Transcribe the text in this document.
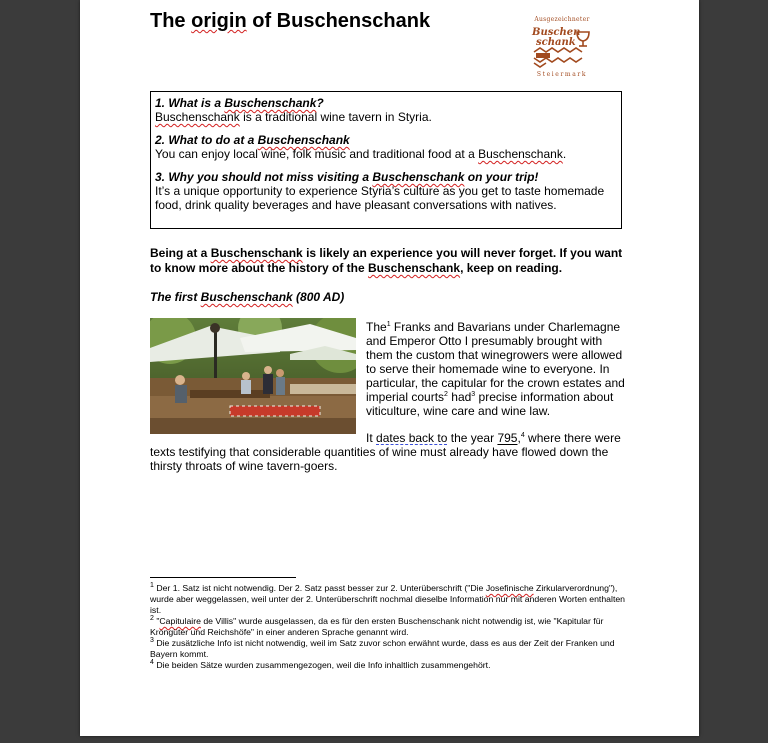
The origin of Buschenschank	Ausgezeichneter
Buschen
schank
Steiermark
1. What is a Buschenschank?
Buschenschank is a traditional wine tavern in Styria.
2. What to do at a Buschenschank
You can enjoy local wine, folk music and traditional food at a Buschenschank.
3. Why you should not miss visiting a Buschenschank on your trip!
It’s a unique opportunity to experience Styria’s culture as you get to taste homemade food, drink quality beverages and have pleasant conversations with natives.
Being at a Buschenschank is likely an experience you will never forget. If you want to know more about the history of the Buschenschank, keep on reading.
The first Buschenschank (800 AD)
The$^1$ Franks and Bavarians under Charlemagne and Emperor Otto I presumably brought with them the custom that winegrowers were allowed to serve their homemade wine to everyone. In particular, the capitular for the crown estates and imperial courts$^2$ had$^3$ precise information about viticulture, wine care and wine law.
It dates back to the year 795,$^4$ where there were texts testifying that considerable quantities of wine must already have flowed down the thirsty throats of wine tavern-goers.
$^1$ Der 1. Satz ist nicht notwendig. Der 2. Satz passt besser zur 2. Unterüberschrift ("Die Josefinische Zirkularverordnung"), wurde aber weggelassen, weil unter der 2. Unterüberschrift nochmal dieselbe Information nur mit anderen Worten enthalten ist.
$^2$ "Capitulaire de Villis" wurde ausgelassen, da es für den ersten Buschenschank nicht notwendig ist, wie "Kapitular für Krongüter und Reichshöfe" in einer anderen Sprache genannt wird.
$^3$ Die zusätzliche Info ist nicht notwendig, weil im Satz zuvor schon erwähnt wurde, dass es aus der Zeit der Franken und Bayern kommt.
$^4$ Die beiden Sätze wurden zusammengezogen, weil die Info inhaltlich zusammengehört.
